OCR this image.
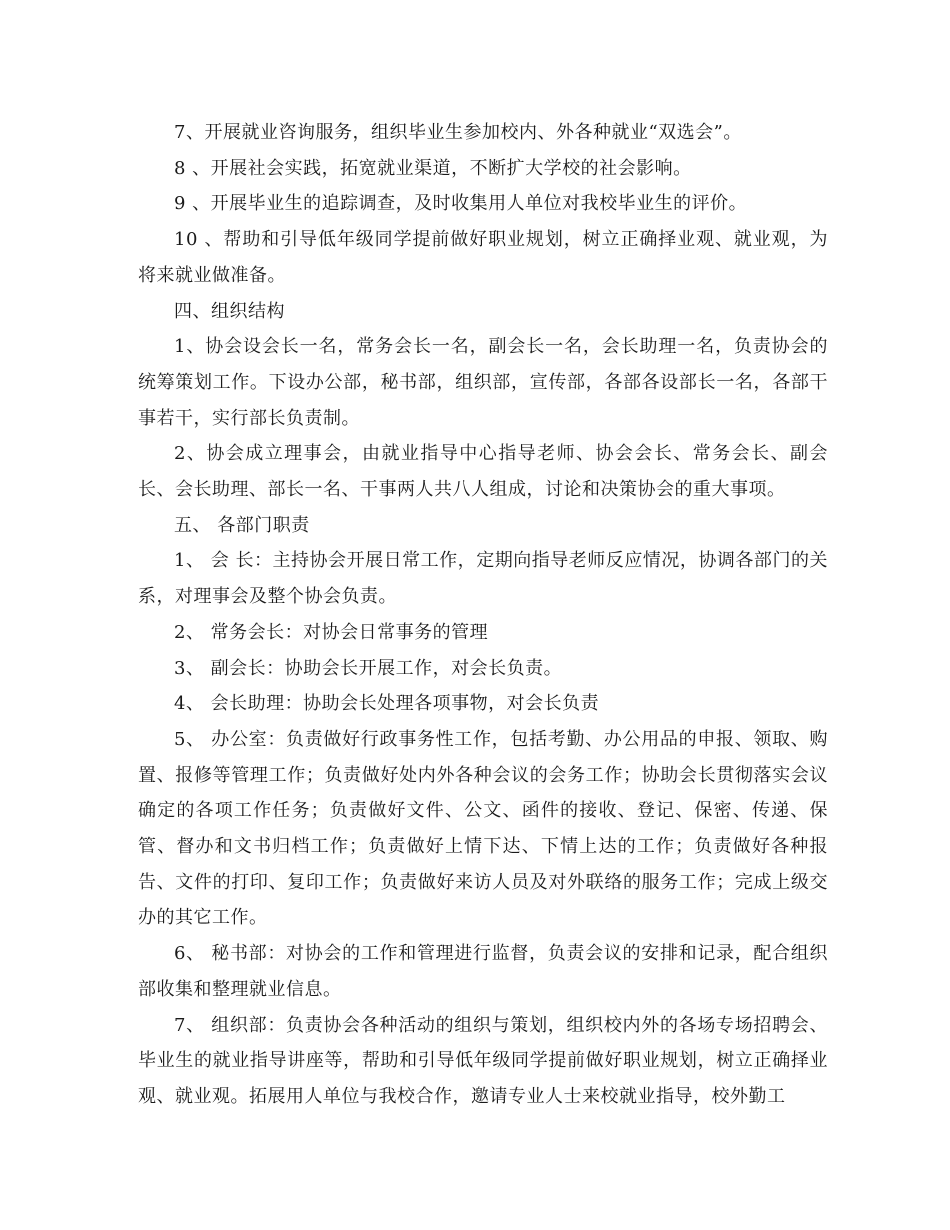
7、开展就业咨询服务，组织毕业生参加校内、外各种就业“双选会”。

8 、开展社会实践，拓宽就业渠道，不断扩大学校的社会影响。

9 、开展毕业生的追踪调查，及时收集用人单位对我校毕业生的评价。

10 、帮助和引导低年级同学提前做好职业规划，树立正确择业观、就业观，为将来就业做准备。

四、组织结构

1、协会设会长一名，常务会长一名，副会长一名，会长助理一名，负责协会的统筹策划工作。下设办公部，秘书部，组织部，宣传部，各部各设部长一名，各部干事若干，实行部长负责制。

2、协会成立理事会，由就业指导中心指导老师、协会会长、常务会长、副会长、会长助理、部长一名、干事两人共八人组成，讨论和决策协会的重大事项。

五、 各部门职责

1、 会 长：主持协会开展日常工作，定期向指导老师反应情况，协调各部门的关系，对理事会及整个协会负责。

2、 常务会长：对协会日常事务的管理

3、 副会长：协助会长开展工作，对会长负责。

4、 会长助理：协助会长处理各项事物，对会长负责

5、 办公室：负责做好行政事务性工作，包括考勤、办公用品的申报、领取、购置、报修等管理工作；负责做好处内外各种会议的会务工作；协助会长贯彻落实会议确定的各项工作任务；负责做好文件、公文、函件的接收、登记、保密、传递、保管、督办和文书归档工作；负责做好上情下达、下情上达的工作；负责做好各种报告、文件的打印、复印工作；负责做好来访人员及对外联络的服务工作；完成上级交办的其它工作。

6、 秘书部：对协会的工作和管理进行监督，负责会议的安排和记录，配合组织部收集和整理就业信息。

7、 组织部：负责协会各种活动的组织与策划，组织校内外的各场专场招聘会、毕业生的就业指导讲座等，帮助和引导低年级同学提前做好职业规划，树立正确择业观、就业观。拓展用人单位与我校合作，邀请专业人士来校就业指导，校外勤工
